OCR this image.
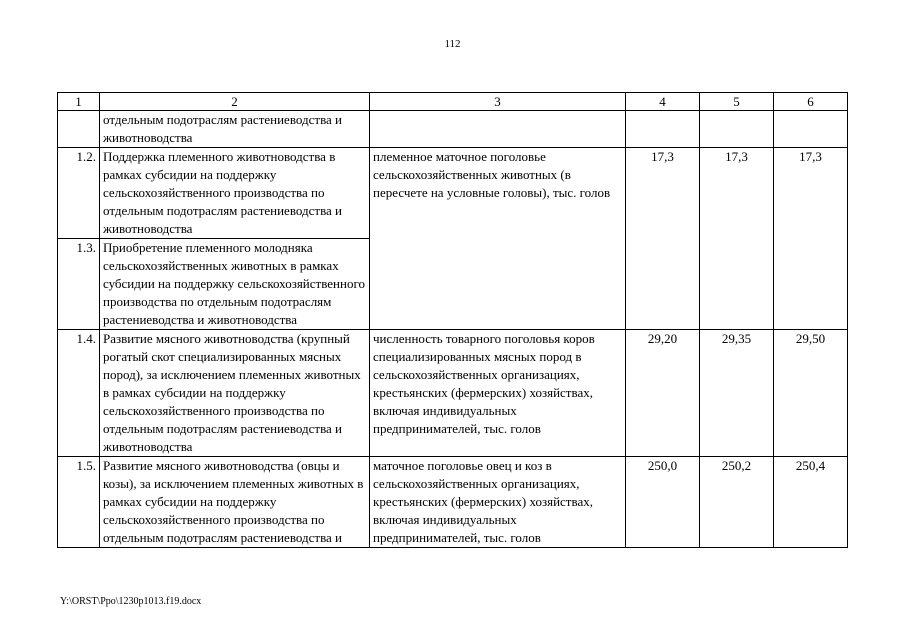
112
1	2	3	4	5	6
	отдельным подотраслям растениеводства и животноводства				
1.2.	Поддержка племенного животноводства в рамках субсидии на поддержку сельскохозяйственного производства по отдельным подотраслям растениеводства и животноводства	племенное маточное поголовье сельскохозяйственных животных (в пересчете на условные головы), тыс. голов	17,3	17,3	17,3
1.3.	Приобретение племенного молодняка сельскохозяйственных животных в рамках субсидии на поддержку сельскохозяйственного производства по отдельным подотраслям растениеводства и животноводства				
1.4.	Развитие мясного животноводства (крупный рогатый скот специализированных мясных пород), за исключением племенных животных в рамках субсидии на поддержку сельскохозяйственного производства по отдельным подотраслям растениеводства и животноводства	численность товарного поголовья коров специализированных мясных пород в сельскохозяйственных организациях, крестьянских (фермерских) хозяйствах, включая индивидуальных предпринимателей, тыс. голов	29,20	29,35	29,50
1.5.	Развитие мясного животноводства (овцы и козы), за исключением племенных животных в рамках субсидии на поддержку сельскохозяйственного производства по отдельным подотраслям растениеводства и	маточное поголовье овец и коз в сельскохозяйственных организациях, крестьянских (фермерских) хозяйствах, включая индивидуальных предпринимателей, тыс. голов	250,0	250,2	250,4
Y:\ORST\Ppo\1230p1013.f19.docx
